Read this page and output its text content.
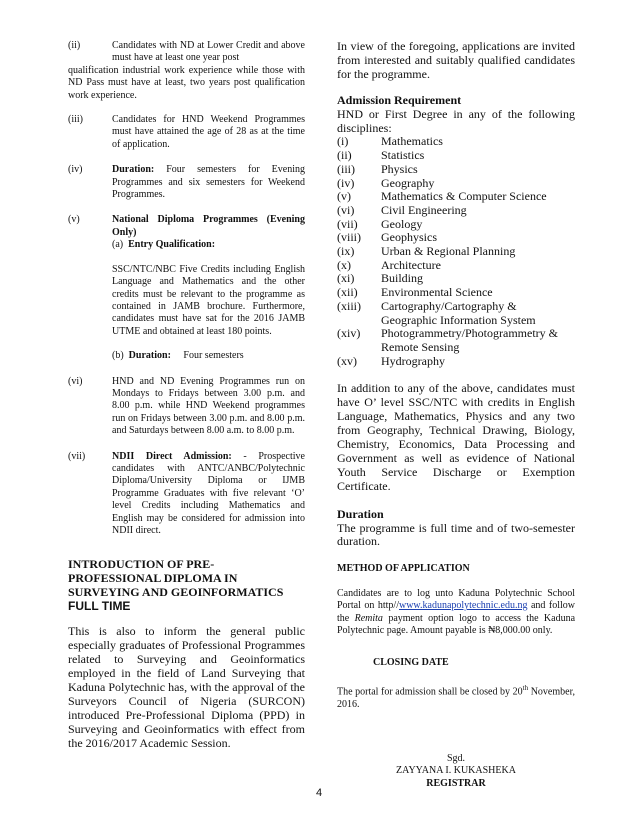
(ii)	Candidates with ND at Lower Credit and above must have at least one year post
qualification industrial work experience while those with ND Pass must have at least, two years post qualification work experience.
(iii)	Candidates for HND Weekend Programmes must have attained the age of 28 as at the time of application.
(iv)	Duration: Four semesters for Evening Programmes and six semesters for Weekend Programmes.
(v)	National Diploma Programmes (Evening Only)
(a) Entry Qualification:
SSC/NTC/NBC Five Credits including English Language and Mathematics and the other credits must be relevant to the programme as contained in JAMB brochure. Furthermore, candidates must have sat for the 2016 JAMB UTME and obtained at least 180 points.
(b) Duration: Four semesters
(vi)	HND and ND Evening Programmes run on Mondays to Fridays between 3.00 p.m. and 8.00 p.m. while HND Weekend programmes run on Fridays between 3.00 p.m. and 8.00 p.m. and Saturdays between 8.00 a.m. to 8.00 p.m.
(vii)	NDII Direct Admission: - Prospective candidates with ANTC/ANBC/Polytechnic Diploma/University Diploma or IJMB Programme Graduates with five relevant ‘O’ level Credits including Mathematics and English may be considered for admission into NDII direct.
INTRODUCTION OF PRE-PROFESSIONAL DIPLOMA IN SURVEYING AND GEOINFORMATICS
FULL TIME
This is also to inform the general public especially graduates of Professional Programmes related to Surveying and Geoinformatics employed in the field of Land Surveying that Kaduna Polytechnic has, with the approval of the Surveyors Council of Nigeria (SURCON) introduced Pre-Professional Diploma (PPD) in Surveying and Geoinformatics with effect from the 2016/2017 Academic Session.
In view of the foregoing, applications are invited from interested and suitably qualified candidates for the programme.
Admission Requirement
HND or First Degree in any of the following disciplines:
(i)	Mathematics
(ii)	Statistics
(iii)	Physics
(iv)	Geography
(v)	Mathematics & Computer Science
(vi)	Civil Engineering
(vii)	Geology
(viii)	Geophysics
(ix)	Urban & Regional Planning
(x)	Architecture
(xi)	Building
(xii)	Environmental Science
(xiii)	Cartography/Cartography & Geographic Information System
(xiv)	Photogrammetry/Photogrammetry & Remote Sensing
(xv)	Hydrography
In addition to any of the above, candidates must have O’ level SSC/NTC with credits in English Language, Mathematics, Physics and any two from Geography, Technical Drawing, Biology, Chemistry, Economics, Data Processing and Government as well as evidence of National Youth Service Discharge or Exemption Certificate.
Duration
The programme is full time and of two-semester duration.
METHOD OF APPLICATION
Candidates are to log unto Kaduna Polytechnic School Portal on http//www.kadunapolytechnic.edu.ng and follow the Remita payment option logo to access the Kaduna Polytechnic page. Amount payable is ₦8,000.00 only.
CLOSING DATE
The portal for admission shall be closed by 20th November, 2016.
Sgd.
ZAYYANA I. KUKASHEKA
REGISTRAR
4
